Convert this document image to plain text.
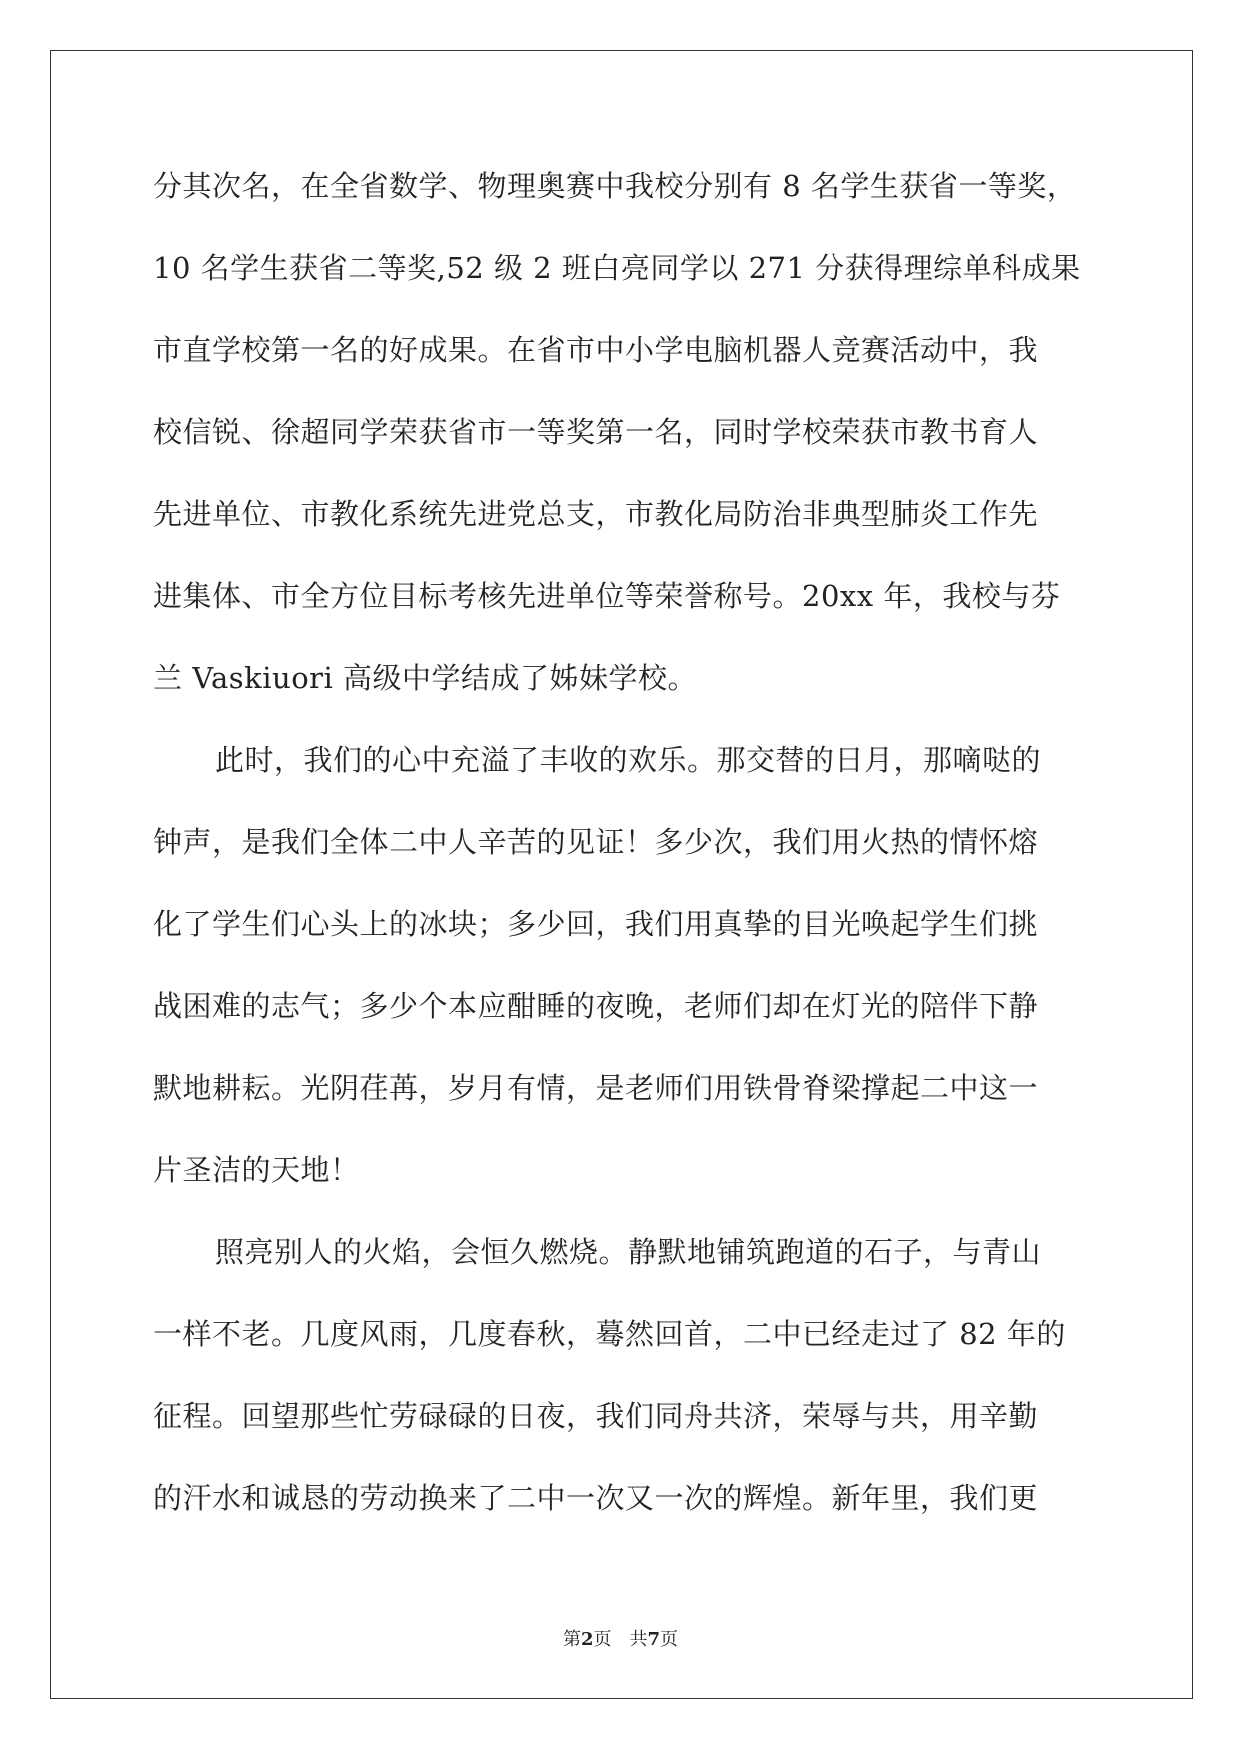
分其次名，在全省数学、物理奥赛中我校分别有 8 名学生获省一等奖，
10 名学生获省二等奖,52 级 2 班白亮同学以 271 分获得理综单科成果
市直学校第一名的好成果。在省市中小学电脑机器人竞赛活动中，我
校信锐、徐超同学荣获省市一等奖第一名，同时学校荣获市教书育人
先进单位、市教化系统先进党总支，市教化局防治非典型肺炎工作先
进集体、市全方位目标考核先进单位等荣誉称号。20xx 年，我校与芬
兰 Vaskiuori 高级中学结成了姊妹学校。
此时，我们的心中充溢了丰收的欢乐。那交替的日月，那嘀哒的
钟声，是我们全体二中人辛苦的见证！多少次，我们用火热的情怀熔
化了学生们心头上的冰块；多少回，我们用真挚的目光唤起学生们挑
战困难的志气；多少个本应酣睡的夜晚，老师们却在灯光的陪伴下静
默地耕耘。光阴荏苒，岁月有情，是老师们用铁骨脊梁撑起二中这一
片圣洁的天地！
照亮别人的火焰，会恒久燃烧。静默地铺筑跑道的石子，与青山
一样不老。几度风雨，几度春秋，蓦然回首，二中已经走过了 82 年的
征程。回望那些忙劳碌碌的日夜，我们同舟共济，荣辱与共，用辛勤
的汗水和诚恳的劳动换来了二中一次又一次的辉煌。新年里，我们更
第2页 共7页
